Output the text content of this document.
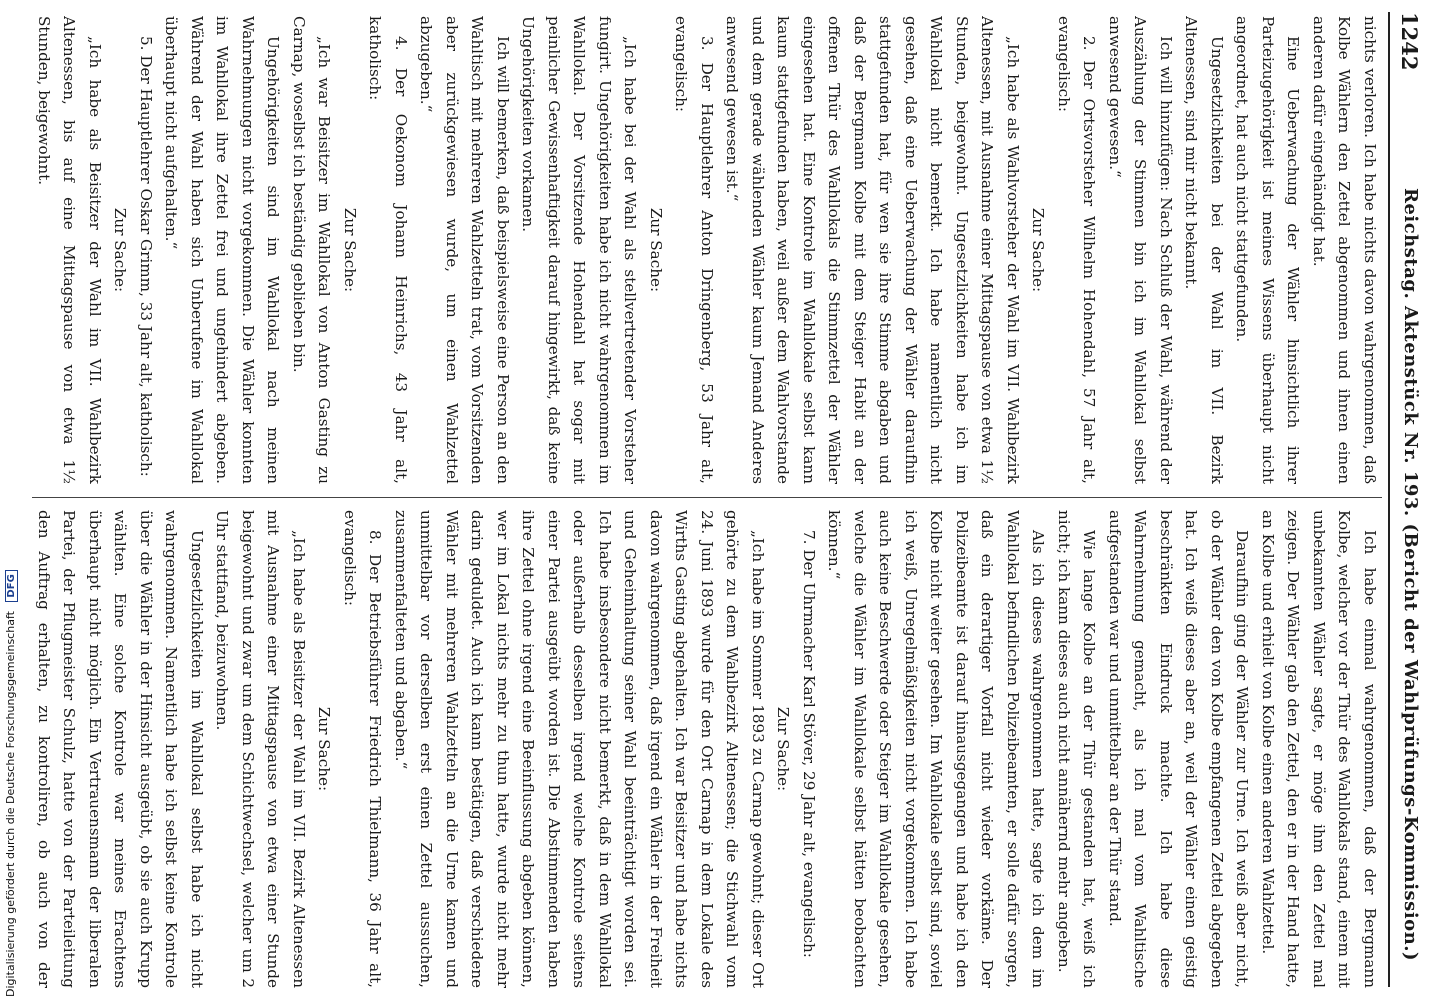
1242
Reichstag. Aktenstück Nr. 193. (Bericht der Wahlprüfungs-Kommission.)

nichts verloren. Ich habe nichts davon wahrgenommen, daß Kolbe Wählern den Zettel abgenommen und ihnen einen anderen dafür eingehändigt hat.

Eine Ueberwachung der Wähler hinsichtlich ihrer Parteizugehörigkeit ist meines Wissens überhaupt nicht angeordnet, hat auch nicht stattgefunden.

Ungesetzlichkeiten bei der Wahl im VII. Bezirk Altenessen, sind mir nicht bekannt.

Ich will hinzufügen: Nach Schluß der Wahl, während der Auszählung der Stimmen bin ich im Wahllokal selbst anwesend gewesen.“

2. Der Ortsvorsteher Wilhelm Hohendahl, 57 Jahr alt, evangelisch:

Zur Sache:

„Ich habe als Wahlvorsteher der Wahl im VII. Wahlbezirk Altenessen, mit Ausnahme einer Mittagspause von etwa 1½ Stunden, beigewohnt. Ungesetzlichkeiten habe ich im Wahllokal nicht bemerkt. Ich habe namentlich nicht gesehen, daß eine Ueberwachung der Wähler daraufhin stattgefunden hat, für wen sie ihre Stimme abgaben und daß der Bergmann Kolbe mit dem Steiger Habit an der offenen Thür des Wahllokals die Stimmzettel der Wähler eingesehen hat. Eine Kontrole im Wahllokale selbst kann kaum stattgefunden haben, weil außer dem Wahlvorstande und dem gerade wählenden Wähler kaum Jemand Anderes anwesend gewesen ist.“

3. Der Hauptlehrer Anton Dringenberg, 53 Jahr alt, evangelisch:

Zur Sache:

„Ich habe bei der Wahl als stellvertretender Vorsteher fungirt. Ungehörigkeiten habe ich nicht wahrgenommen im Wahllokal. Der Vorsitzende Hohendahl hat sogar mit peinlicher Gewissenhaftigkeit darauf hingewirkt, daß keine Ungehörigkeiten vorkamen.

Ich will bemerken, daß beispielsweise eine Person an den Wahltisch mit mehreren Wahlzetteln trat, vom Vorsitzenden aber zurückgewiesen wurde, um einen Wahlzettel abzugeben.“

4. Der Oekonom Johann Heinrichs, 43 Jahr alt, katholisch:

Zur Sache:

„Ich war Beisitzer im Wahllokal von Anton Gasting zu Carnap, woselbst ich beständig geblieben bin.

Ungehörigkeiten sind im Wahllokal nach meinen Wahrnehmungen nicht vorgekommen. Die Wähler konnten im Wahllokal ihre Zettel frei und ungehindert abgeben. Während der Wahl haben sich Unberufene im Wahllokal überhaupt nicht aufgehalten.“

5. Der Hauptlehrer Oskar Grimm, 33 Jahr alt, katholisch:

Zur Sache:

„Ich habe als Beisitzer der Wahl im VII. Wahlbezirk Altenessen, bis auf eine Mittagspause von etwa 1½ Stunden, beigewohnt.

Ich habe einmal wahrgenommen, daß der Bergmann Kolbe, welcher vor der Thür des Wahllokals stand, einem mit unbekannten Wähler sagte, er möge ihm den Zettel mal zeigen. Der Wähler gab den Zettel, den er in der Hand hatte, an Kolbe und erhielt von Kolbe einen anderen Wahlzettel.

Daraufhin ging der Wähler zur Urne. Ich weiß aber nicht, ob der Wähler den von Kolbe empfangenen Zettel abgegeben hat. Ich weiß dieses aber an, weil der Wähler einen geistig beschränkten Eindruck machte. Ich habe diese Wahrnehmung gemacht, als ich mal vom Wahltische aufgestanden war und unmittelbar an der Thür stand.

Wie lange Kolbe an der Thür gestanden hat, weiß ich nicht; ich kann dieses auch nicht annähernd mehr angeben.

Als ich dieses wahrgenommen hatte, sagte ich dem im Wahllokal befindlichen Polizeibeamten, er solle dafür sorgen, daß ein derartiger Vorfall nicht wieder vorkäme. Der Polizeibeamte ist darauf hinausgegangen und habe ich den Kolbe nicht weiter gesehen. Im Wahllokale selbst sind, soviel ich weiß, Unregelmäßigkeiten nicht vorgekommen. Ich habe auch keine Beschwerde oder Steiger im Wahllokale gesehen, welche die Wähler im Wahllokale selbst hätten beobachten können.“

7. Der Uhrmacher Karl Stöver, 29 Jahr alt, evangelisch:

Zur Sache:

„Ich habe im Sommer 1893 zu Carnap gewohnt; dieser Ort gehörte zu dem Wahlbezirk Altenessen; die Stichwahl vom 24. Juni 1893 wurde für den Ort Carnap in dem Lokale des Wirths Gasting abgehalten. Ich war Beisitzer und habe nichts davon wahrgenommen, daß irgend ein Wähler in der Freiheit und Geheimhaltung seiner Wahl beeinträchtigt worden sei. Ich habe insbesondere nicht bemerkt, daß in dem Wahllokal oder außerhalb desselben irgend welche Kontrole seitens einer Partei ausgeübt worden ist. Die Abstimmenden haben ihre Zettel ohne irgend eine Beeinflussung abgeben können, wer im Lokal nichts mehr zu thun hatte, wurde nicht mehr darin geduldet. Auch ich kann bestätigen, daß verschiedene Wähler mit mehreren Wahlzetteln an die Urne kamen und unmittelbar vor derselben erst einen Zettel aussuchen, zusammenfalteten und abgaben.“

8. Der Betriebsführer Friedrich Thielmann, 36 Jahr alt, evangelisch:

Zur Sache:

„Ich habe als Beisitzer der Wahl im VII. Bezirk Altenessen mit Ausnahme einer Mittagspause von etwa einer Stunde beigewohnt und zwar um dem Schichtwechsel, welcher um 2 Uhr stattfand, beizuwohnen.

Ungesetzlichkeiten im Wahllokal selbst habe ich nicht wahrgenommen. Namentlich habe ich selbst keine Kontrole über die Wähler in der Hinsicht ausgeübt, ob sie auch Krupp wählten. Eine solche Kontrole war meines Erachtens überhaupt nicht möglich. Ein Vertrauensmann der liberalen Partei, der Pflugmeister Schulz, hatte von der Parteileitung den Auftrag erhalten, zu kontroliren, ob auch von der

Digitalisierung gefördert durch die Deutsche Forschungsgemeinschaft DFG
